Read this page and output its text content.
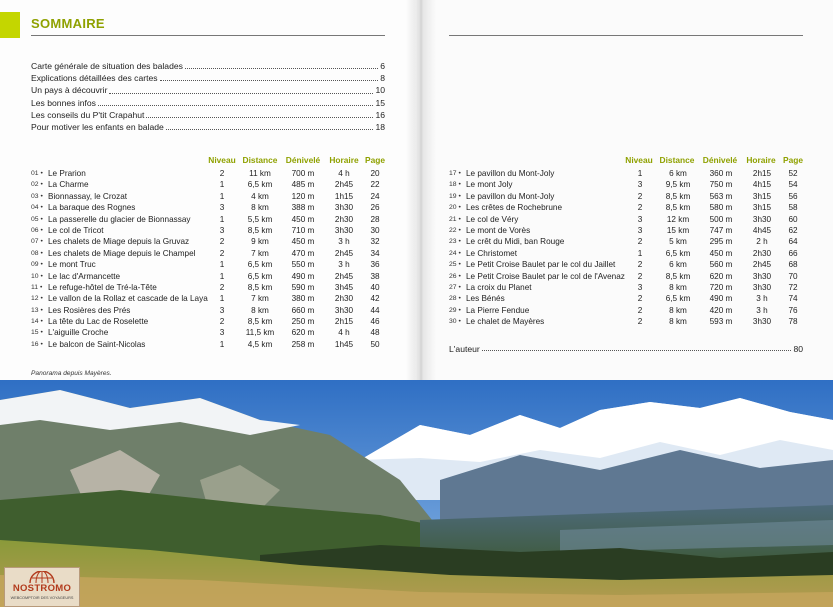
SOMMAIRE
Carte générale de situation des balades	6
Explications détaillées des cartes	8
Un pays à découvrir	10
Les bonnes infos	15
Les conseils du P'tit Crapahut	16
Pour motiver les enfants en balade	18
Niveau Distance Dénivelé	Horaire Page	Niveau Distance Dénivelé	Horaire Page
01 • Le Prarion	2	11 km	700 m	4 h	20
02 • La Charme	1	6,5 km	485 m	2h45	22
03 • Bionnassay, le Crozat	1	4 km	120 m	1h15	24
04 • La baraque des Rognes	3	8 km	388 m	3h30	26
05 • La passerelle du glacier de Bionnassay	1	5,5 km	450 m	2h30	28
06 • Le col de Tricot	3	8,5 km	710 m	3h30	30
07 • Les chalets de Miage depuis la Gruvaz	2	9 km	450 m	3 h	32
08 • Les chalets de Miage depuis le Champel	2	7 km	470 m	2h45	34
09 • Le mont Truc	1	6,5 km	550 m	3 h	36
10 • Le lac d'Armancette	1	6,5 km	490 m	2h45	38
11 • Le refuge-hôtel de Tré-la-Tête	2	8,5 km	590 m	3h45	40
12 • Le vallon de la Rollaz et cascade de la Laya	1	7 km	380 m	2h30	42
13 • Les Rosières des Prés	3	8 km	660 m	3h30	44
14 • La tête du Lac de Roselette	2	8,5 km	250 m	2h15	46
15 • L'aiguille Croche	3	11,5 km	620 m	4 h	48
16 • Le balcon de Saint-Nicolas	1	4,5 km	258 m	1h45	50
17 • Le pavillon du Mont-Joly	1	6 km	360 m	2h15	52
18 • Le mont Joly	3	9,5 km	750 m	4h15	54
19 • Le pavillon du Mont-Joly	2	8,5 km	563 m	3h15	56
20 • Les crêtes de Rochebrune	2	8,5 km	580 m	3h15	58
21 • Le col de Véry	3	12 km	500 m	3h30	60
22 • Le mont de Vorès	3	15 km	747 m	4h45	62
23 • Le crêt du Midi, ban Rouge	2	5 km	295 m	2 h	64
24 • Le Christomet	1	6,5 km	450 m	2h30	66
25 • Le Petit Croise Baulet par le col du Jaillet	2	6 km	560 m	2h45	68
26 • Le Petit Croise Baulet par le col de l'Avenaz	2	8,5 km	620 m	3h30	70
27 • La croix du Planet	3	8 km	720 m	3h30	72
28 • Les Bénés	2	6,5 km	490 m	3 h	74
29 • La Pierre Fendue	2	8 km	420 m	3 h	76
30 • Le chalet de Mayères	2	8 km	593 m	3h30	78
L'auteur	80
Panorama depuis Mayères.
NOSTROMO
WEBCOMPTOIR DES VOYAGEURS
